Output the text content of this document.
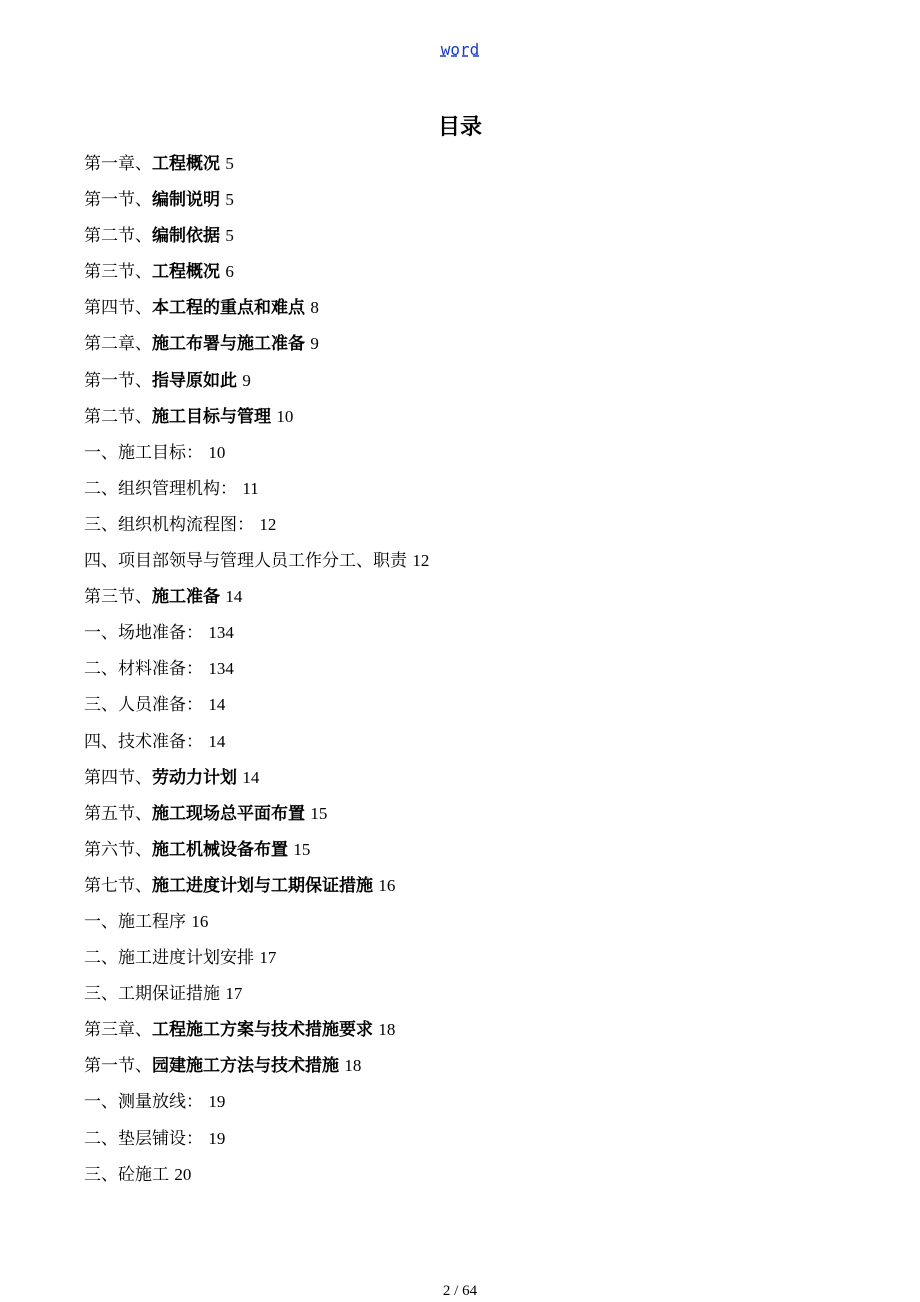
word
目录
第一章、工程概况 5
第一节、编制说明 5
第二节、编制依据 5
第三节、工程概况 6
第四节、本工程的重点和难点 8
第二章、施工布署与施工准备 9
第一节、指导原如此 9
第二节、施工目标与管理 10
一、施工目标： 10
二、组织管理机构： 11
三、组织机构流程图： 12
四、项目部领导与管理人员工作分工、职责 12
第三节、施工准备 14
一、场地准备： 134
二、材料准备： 134
三、人员准备： 14
四、技术准备： 14
第四节、劳动力计划 14
第五节、施工现场总平面布置 15
第六节、施工机械设备布置 15
第七节、施工进度计划与工期保证措施 16
一、施工程序 16
二、施工进度计划安排 17
三、工期保证措施 17
第三章、工程施工方案与技术措施要求 18
第一节、园建施工方法与技术措施 18
一、测量放线： 19
二、垫层铺设： 19
三、砼施工 20
2 / 64
